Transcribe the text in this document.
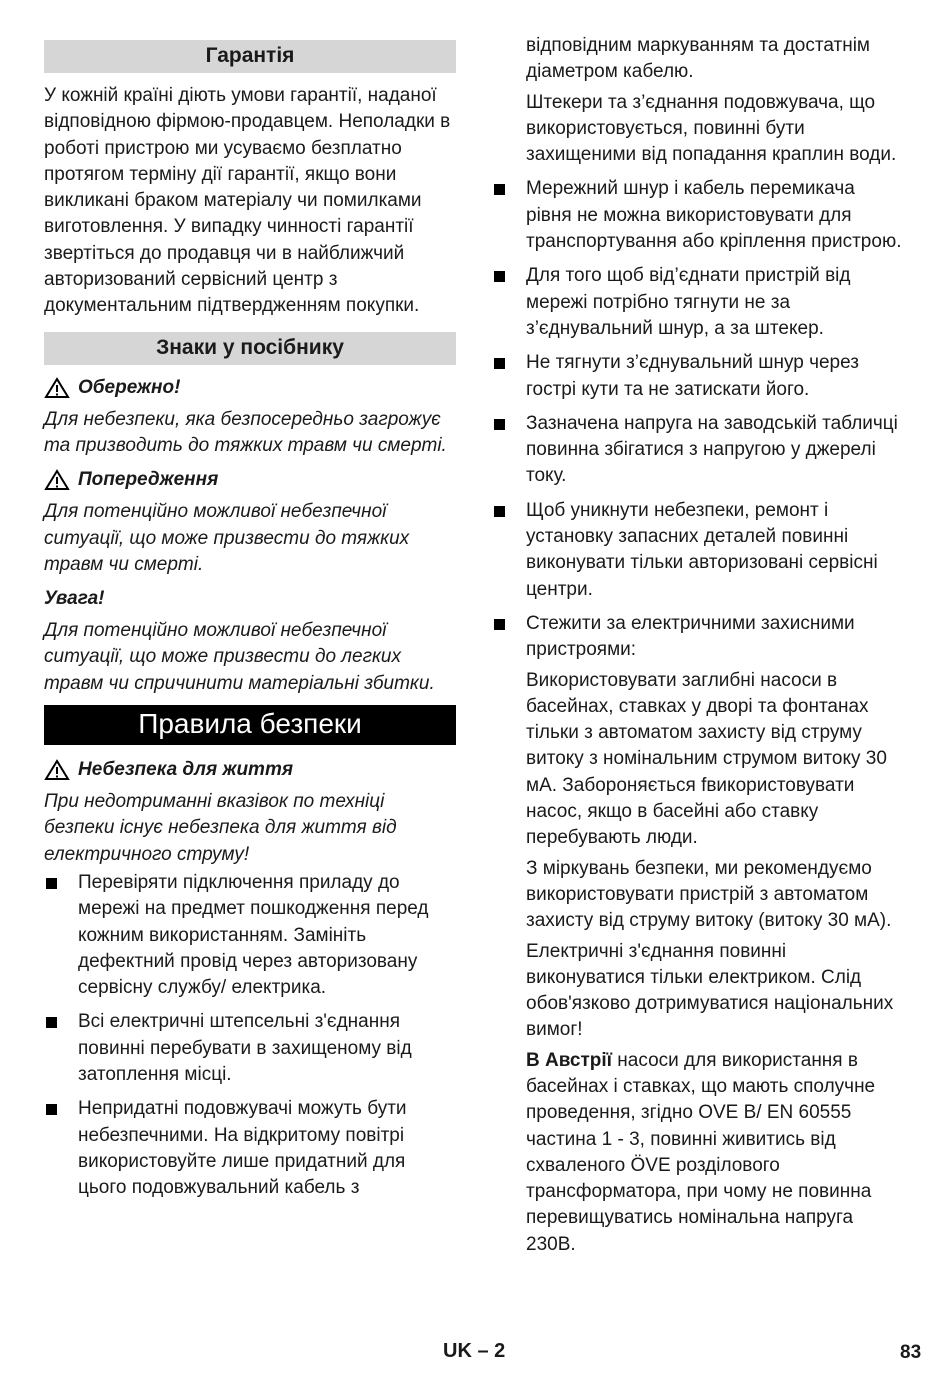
Гарантія

У кожній країні діють умови гарантії, наданої відповідною фірмою-продавцем. Неполадки в роботі пристрою ми усуваємо безплатно протягом терміну дії гарантії, якщо вони викликані браком матеріалу чи помилками виготовлення. У випадку чинності гарантії звертіться до продавця чи в найближчий авторизований сервісний центр з документальним підтвердженням покупки.

Знаки у посібнику
Обережно!

Для небезпеки, яка безпосередньо загрожує та призводить до тяжких травм чи смерті.

Попередження

Для потенційно можливої небезпечної ситуації, що може призвести до тяжких травм чи смерті.

Увага!

Для потенційно можливої небезпечної ситуації, що може призвести до легких травм чи спричинити матеріальні збитки.

Правила безпеки
Небезпека для життя

При недотриманні вказівок по техніці безпеки існує небезпека для життя від електричного струму!

Перевіряти підключення приладу до мережі на предмет пошкодження перед кожним використанням. Замініть дефектний провід через авторизовану сервісну службу/ електрика.
Всі електричні штепсельні з'єднання повинні перебувати в захищеному від затоплення місці.
Непридатні подовжувачі можуть бути небезпечними. На відкритому повітрі використовуйте лише придатний для цього подовжувальний кабель з

відповідним маркуванням та достатнім діаметром кабелю.

Штекери та з’єднання подовжувача, що використовується, повинні бути захищеними від попадання краплин води.

Мережний шнур і кабель перемикача рівня не можна використовувати для транспортування або кріплення пристрою.
Для того щоб від’єднати пристрій від мережі потрібно тягнути не за з’єднувальний шнур, а за штекер.
Не тягнути з’єднувальний шнур через гострі кути та не затискати його.
Зазначена напруга на заводській табличці повинна збігатися з напругою у джерелі току.
Щоб уникнути небезпеки, ремонт і установку запасних деталей повинні виконувати тільки авторизовані сервісні центри.
Стежити за електричними захисними пристроями:

Використовувати заглибні насоси в басейнах, ставках у дворі та фонтанах тільки з автоматом захисту від струму витоку з номінальним струмом витоку 30 мА. Забороняється fвикористовувати насос, якщо в басейні або ставку перебувають люди.

З міркувань безпеки, ми рекомендуємо використовувати пристрій з автоматом захисту від струму витоку (витоку 30 мА).

Електричні з'єднання повинні виконуватися тільки електриком. Слід обов'язково дотримуватися національних вимог!

В Австрії насоси для використання в басейнах і ставках, що мають сполучне проведення, згідно OVE B/ EN 60555 частина 1 - 3, повинні живитись від схваленого ÖVE розділового трансформатора, при чому не повинна перевищуватись номінальна напруга 230В.

UK – 2	83
